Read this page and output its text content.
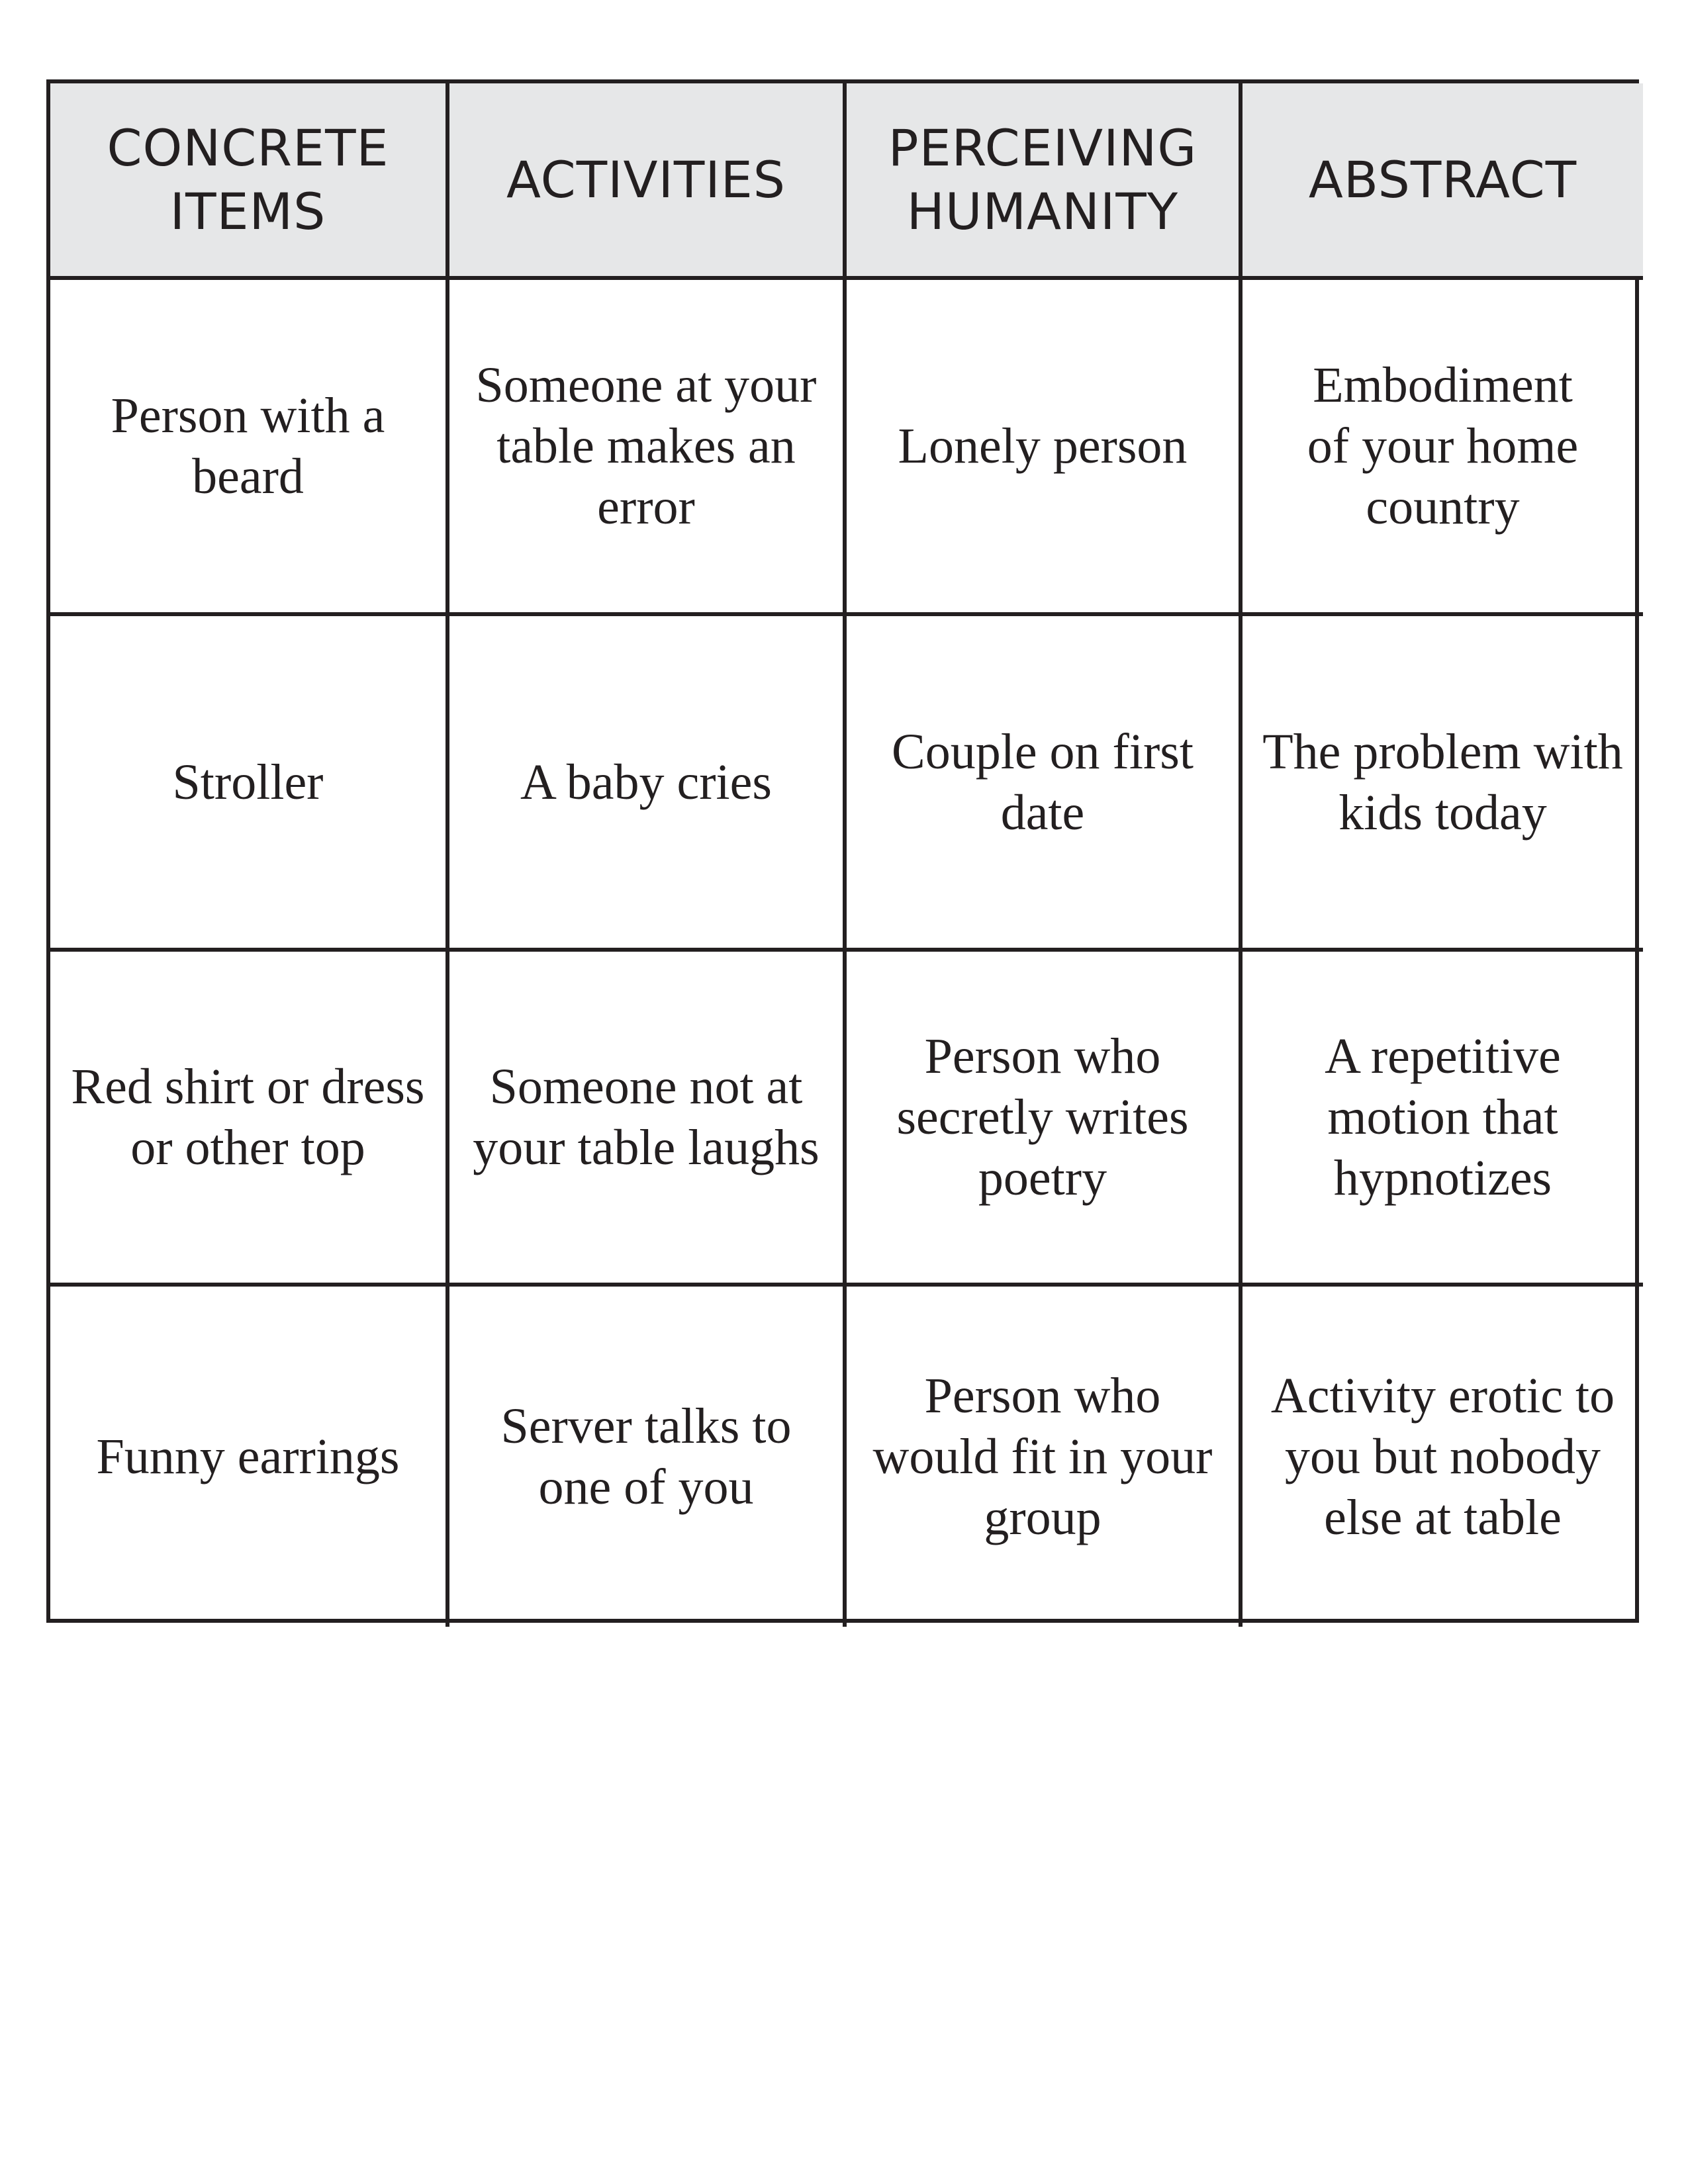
CONCRETE ITEMS
ACTIVITIES
PERCEIVING HUMANITY
ABSTRACT
Person with a beard
Someone at your table makes an error
Lonely person
Embodiment of your home country
Stroller	A baby cries
Couple on first date
The problem with kids today
Red shirt or dress or other top
Someone not at your table laughs
Person who secretly writes poetry
A repetitive motion that hypnotizes
Funny earrings
Server talks to one of you
Person who would fit in your group
Activity erotic to you but nobody else at table
